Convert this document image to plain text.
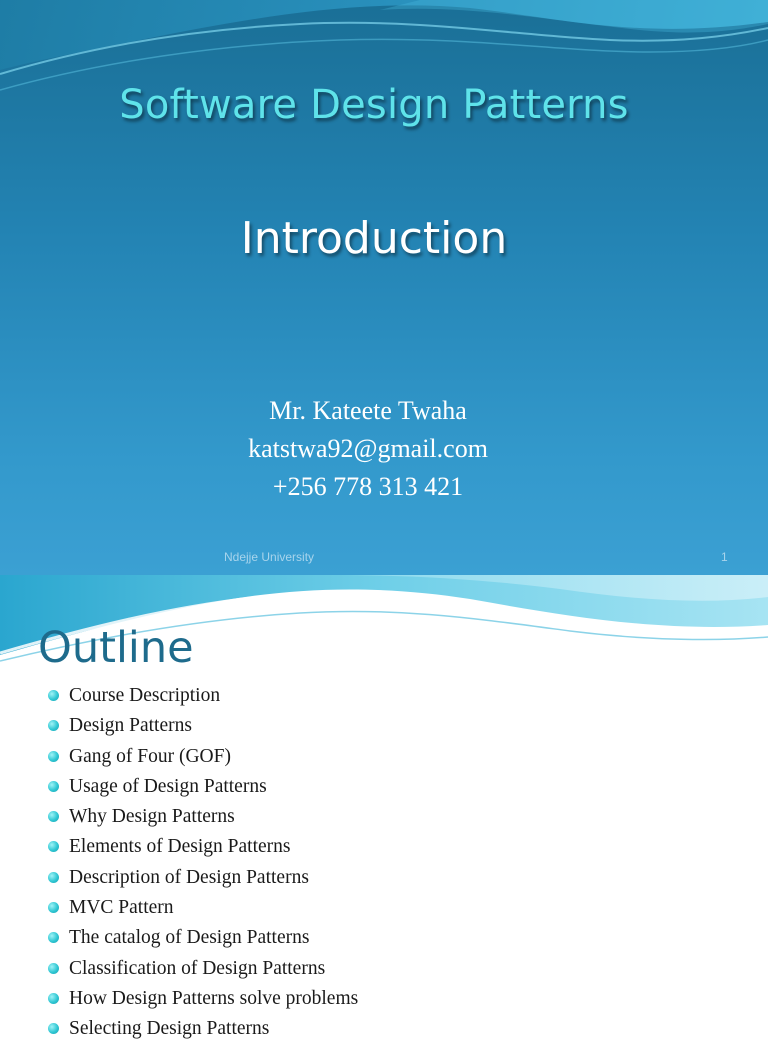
Software Design Patterns
Introduction
Mr. Kateete Twaha
katstwa92@gmail.com
+256 778 313 421
Ndejje University	1
Outline
Course Description
Design Patterns
Gang of Four (GOF)
Usage of Design Patterns
Why Design Patterns
Elements of Design Patterns
Description of Design Patterns
MVC Pattern
The catalog of Design Patterns
Classification of Design Patterns
How Design Patterns solve problems
Selecting Design Patterns
